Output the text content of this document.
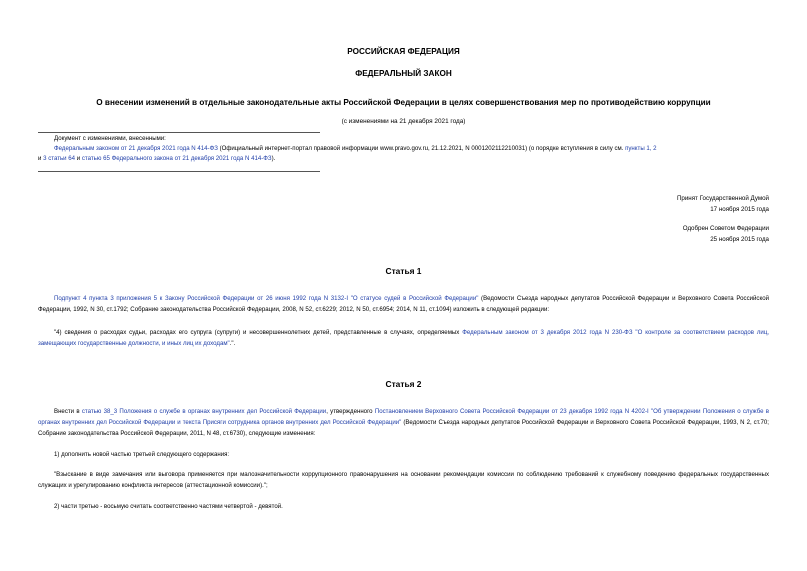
РОССИЙСКАЯ ФЕДЕРАЦИЯ
ФЕДЕРАЛЬНЫЙ ЗАКОН
О внесении изменений в отдельные законодательные акты Российской Федерации в целях совершенствования мер по противодействию коррупции
(с изменениями на 21 декабря 2021 года)
Документ с изменениями, внесенными:
Федеральным законом от 21 декабря 2021 года N 414-ФЗ (Официальный интернет-портал правовой информации www.pravo.gov.ru, 21.12.2021, N 0001202112210031) (о порядке вступления в силу см. пункты 1, 2
и 3 статьи 64 и статью 65 Федерального закона от 21 декабря 2021 года N 414-ФЗ).
Принят Государственной Думой
17 ноября 2015 года
Одобрен Советом Федерации
25 ноября 2015 года
Статья 1
Подпункт 4 пункта 3 приложения 5 к Закону Российской Федерации от 26 июня 1992 года N 3132-I "О статусе судей в Российской Федерации" (Ведомости Съезда народных депутатов Российской Федерации и Верховного Совета Российской Федерации, 1992, N 30, ст.1792; Собрание законодательства Российской Федерации, 2008, N 52, ст.6229; 2012, N 50, ст.6954; 2014, N 11, ст.1094) изложить в следующей редакции:
"4) сведения о расходах судьи, расходах его супруга (супруги) и несовершеннолетних детей, представленные в случаях, определяемых Федеральным законом от 3 декабря 2012 года N 230-ФЗ "О контроле за соответствием расходов лиц, замещающих государственные должности, и иных лиц их доходам".".
Статья 2
Внести в статью 38_3 Положения о службе в органах внутренних дел Российской Федерации, утвержденного Постановлением Верховного Совета Российской Федерации от 23 декабря 1992 года N 4202-I "Об утверждении Положения о службе в органах внутренних дел Российской Федерации и текста Присяги сотрудника органов внутренних дел Российской Федерации" (Ведомости Съезда народных депутатов Российской Федерации и Верховного Совета Российской Федерации, 1993, N 2, ст.70; Собрание законодательства Российской Федерации, 2011, N 48, ст.6730), следующие изменения:
1) дополнить новой частью третьей следующего содержания:
"Взыскание в виде замечания или выговора применяется при малозначительности коррупционного правонарушения на основании рекомендации комиссии по соблюдению требований к служебному поведению федеральных государственных служащих и урегулированию конфликта интересов (аттестационной комиссии).";
2) части третью - восьмую считать соответственно частями четвертой - девятой.
